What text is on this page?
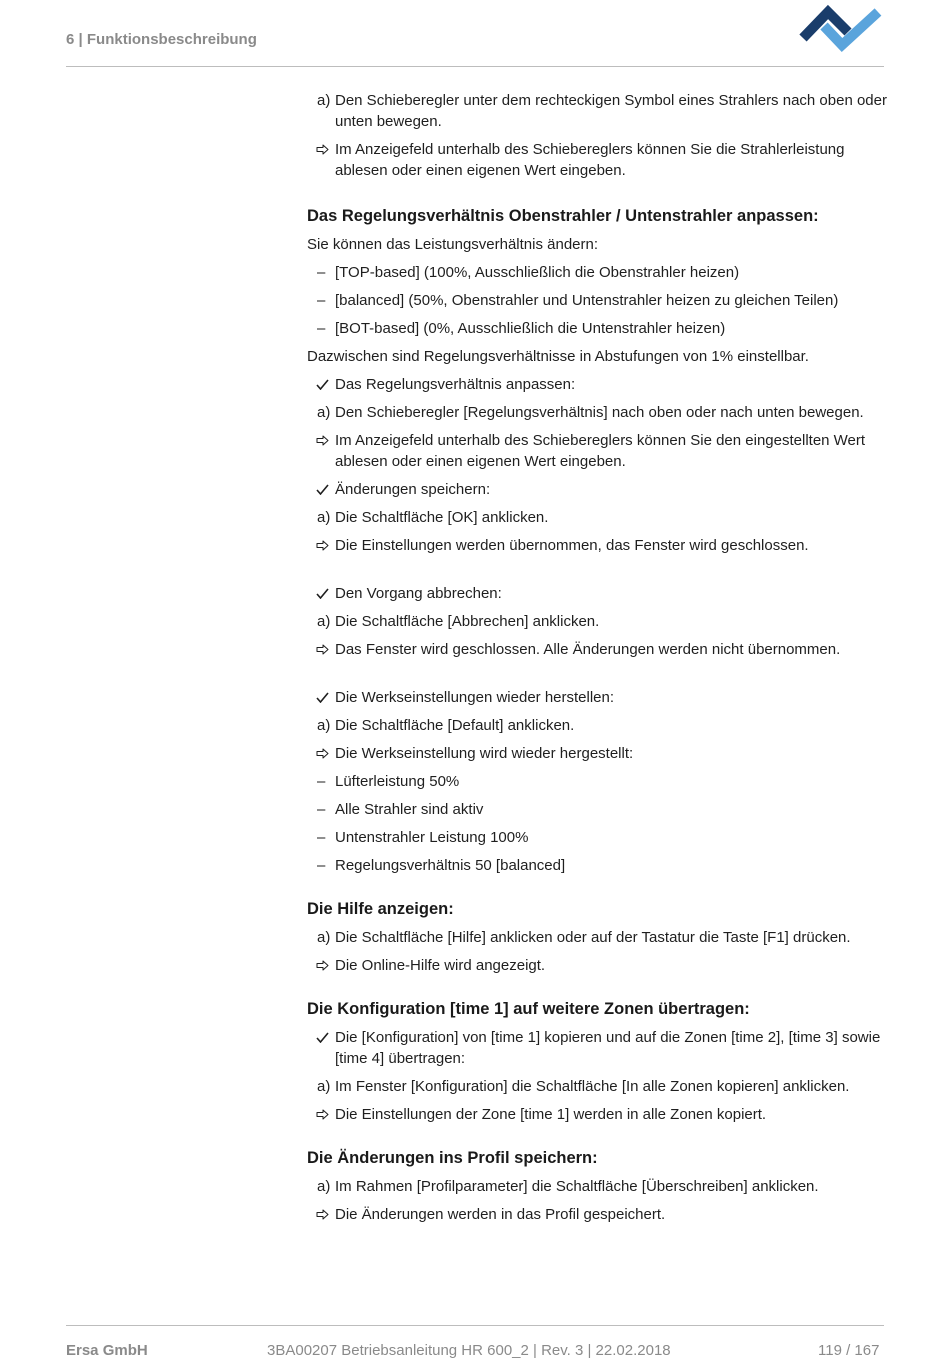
6 | Funktionsbeschreibung
a) Den Schieberegler unter dem rechteckigen Symbol eines Strahlers nach oben oder unten bewegen.
Im Anzeigefeld unterhalb des Schiebereglers können Sie die Strahlerleistung ablesen oder einen eigenen Wert eingeben.
Das Regelungsverhältnis Obenstrahler / Untenstrahler anpassen:
Sie können das Leistungsverhältnis ändern:
– [TOP-based] (100%, Ausschließlich die Obenstrahler heizen)
– [balanced] (50%, Obenstrahler und Untenstrahler heizen zu gleichen Teilen)
– [BOT-based] (0%, Ausschließlich die Untenstrahler heizen)
Dazwischen sind Regelungsverhältnisse in Abstufungen von 1% einstellbar.
Das Regelungsverhältnis anpassen:
a) Den Schieberegler [Regelungsverhältnis] nach oben oder nach unten bewegen.
Im Anzeigefeld unterhalb des Schiebereglers können Sie den eingestellten Wert ablesen oder einen eigenen Wert eingeben.
Änderungen speichern:
a) Die Schaltfläche [OK] anklicken.
Die Einstellungen werden übernommen, das Fenster wird geschlossen.
Den Vorgang abbrechen:
a) Die Schaltfläche [Abbrechen] anklicken.
Das Fenster wird geschlossen. Alle Änderungen werden nicht übernommen.
Die Werkseinstellungen wieder herstellen:
a) Die Schaltfläche [Default] anklicken.
Die Werkseinstellung wird wieder hergestellt:
– Lüfterleistung 50%
– Alle Strahler sind aktiv
– Untenstrahler Leistung 100%
– Regelungsverhältnis 50 [balanced]
Die Hilfe anzeigen:
a) Die Schaltfläche [Hilfe] anklicken oder auf der Tastatur die Taste [F1] drücken.
Die Online-Hilfe wird angezeigt.
Die Konfiguration [time 1] auf weitere Zonen übertragen:
Die [Konfiguration] von [time 1] kopieren und auf die Zonen [time 2], [time 3] sowie [time 4] übertragen:
a) Im Fenster [Konfiguration] die Schaltfläche [In alle Zonen kopieren] anklicken.
Die Einstellungen der Zone [time 1] werden in alle Zonen kopiert.
Die Änderungen ins Profil speichern:
a) Im Rahmen [Profilparameter] die Schaltfläche [Überschreiben] anklicken.
Die Änderungen werden in das Profil gespeichert.
Ersa GmbH	3BA00207 Betriebsanleitung HR 600_2 | Rev. 3 | 22.02.2018	119 / 167
